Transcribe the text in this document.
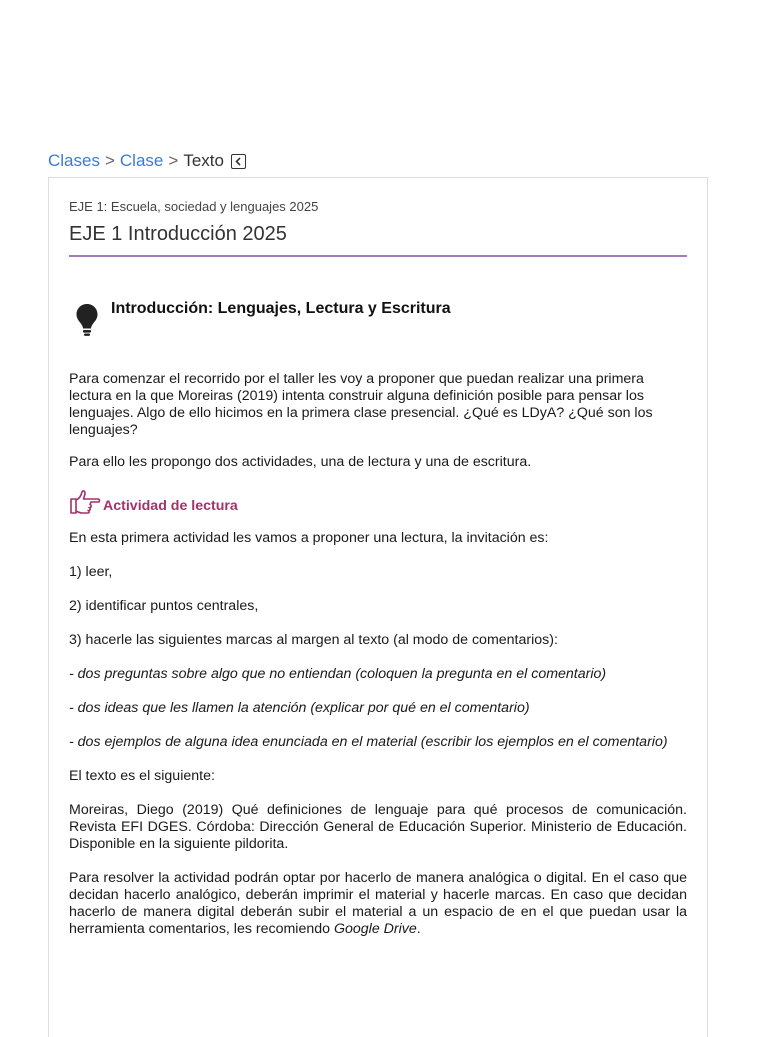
Clases > Clase > Texto
EJE 1: Escuela, sociedad y lenguajes 2025
EJE 1 Introducción 2025
Introducción: Lenguajes, Lectura y Escritura

Para comenzar el recorrido por el taller les voy a proponer que puedan realizar una primera lectura en la que Moreiras (2019) intenta construir alguna definición posible para pensar los lenguajes. Algo de ello hicimos en la primera clase presencial. ¿Qué es LDyA? ¿Qué son los lenguajes?

Para ello les propongo dos actividades, una de lectura y una de escritura.

Actividad de lectura

En esta primera actividad les vamos a proponer una lectura, la invitación es:

1) leer,

2) identificar puntos centrales,

3) hacerle las siguientes marcas al margen al texto (al modo de comentarios):

- dos preguntas sobre algo que no entiendan (coloquen la pregunta en el comentario)

- dos ideas que les llamen la atención (explicar por qué en el comentario)

- dos ejemplos de alguna idea enunciada en el material (escribir los ejemplos en el comentario)

El texto es el siguiente:

Moreiras, Diego (2019) Qué definiciones de lenguaje para qué procesos de comunicación. Revista EFI DGES. Córdoba: Dirección General de Educación Superior. Ministerio de Educación. Disponible en la siguiente pildorita.

Para resolver la actividad podrán optar por hacerlo de manera analógica o digital. En el caso que decidan hacerlo analógico, deberán imprimir el material y hacerle marcas. En caso que decidan hacerlo de manera digital deberán subir el material a un espacio de en el que puedan usar la herramienta comentarios, les recomiendo Google Drive.
